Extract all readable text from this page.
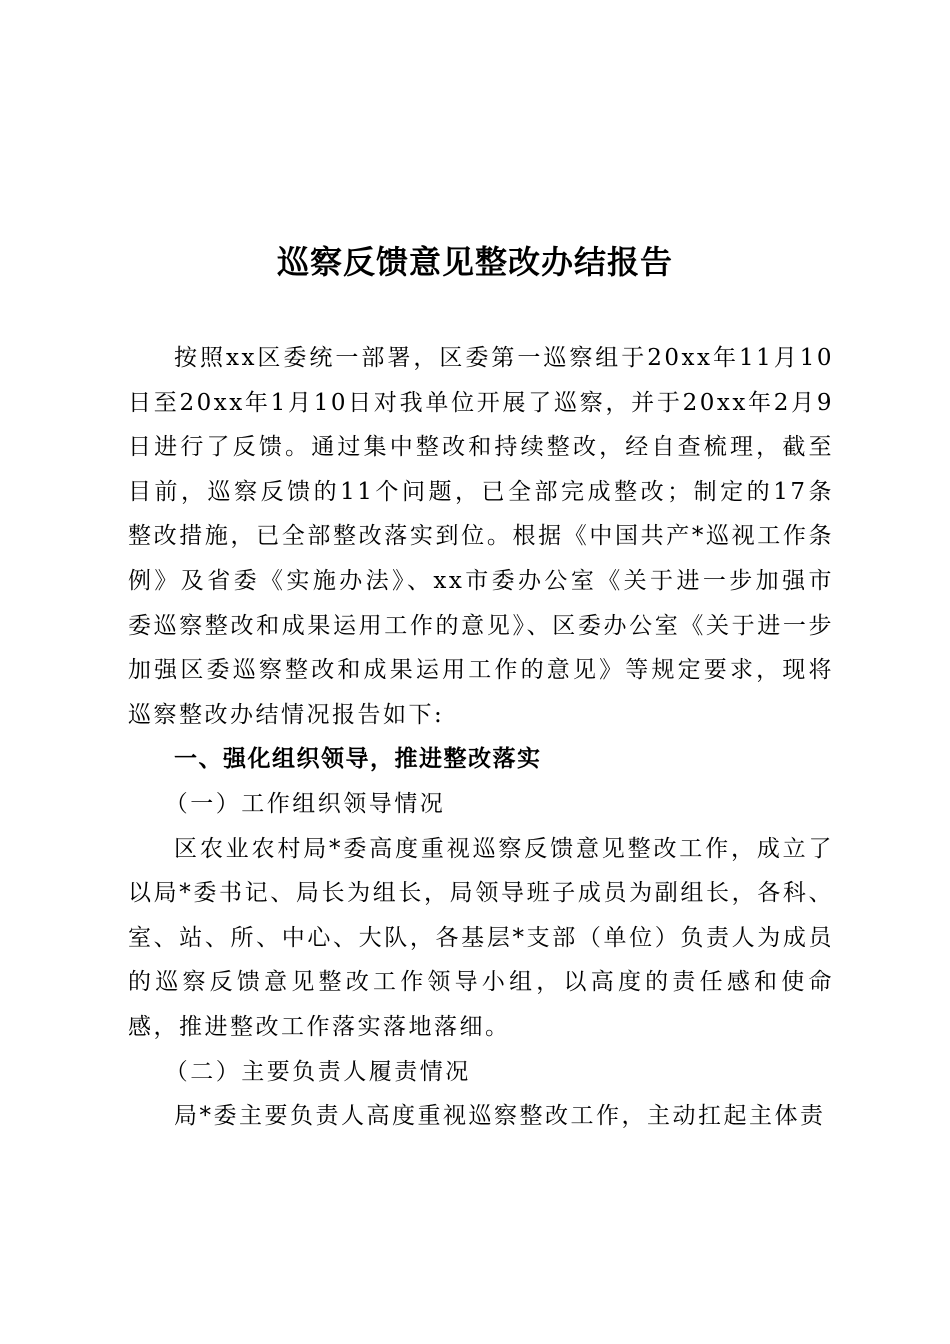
巡察反馈意见整改办结报告

按照xx区委统一部署，区委第一巡察组于20xx年11月10日至20xx年1月10日对我单位开展了巡察，并于20xx年2月9日进行了反馈。通过集中整改和持续整改，经自查梳理，截至目前，巡察反馈的11个问题，已全部完成整改；制定的17条整改措施，已全部整改落实到位。根据《中国共产*巡视工作条例》及省委《实施办法》、xx市委办公室《关于进一步加强市委巡察整改和成果运用工作的意见》、区委办公室《关于进一步加强区委巡察整改和成果运用工作的意见》等规定要求，现将巡察整改办结情况报告如下:

一、强化组织领导，推进整改落实

（一）工作组织领导情况

区农业农村局*委高度重视巡察反馈意见整改工作，成立了以局*委书记、局长为组长，局领导班子成员为副组长，各科、室、站、所、中心、大队，各基层*支部（单位）负责人为成员的巡察反馈意见整改工作领导小组，以高度的责任感和使命感，推进整改工作落实落地落细。

（二）主要负责人履责情况

局*委主要负责人高度重视巡察整改工作，主动扛起主体责
